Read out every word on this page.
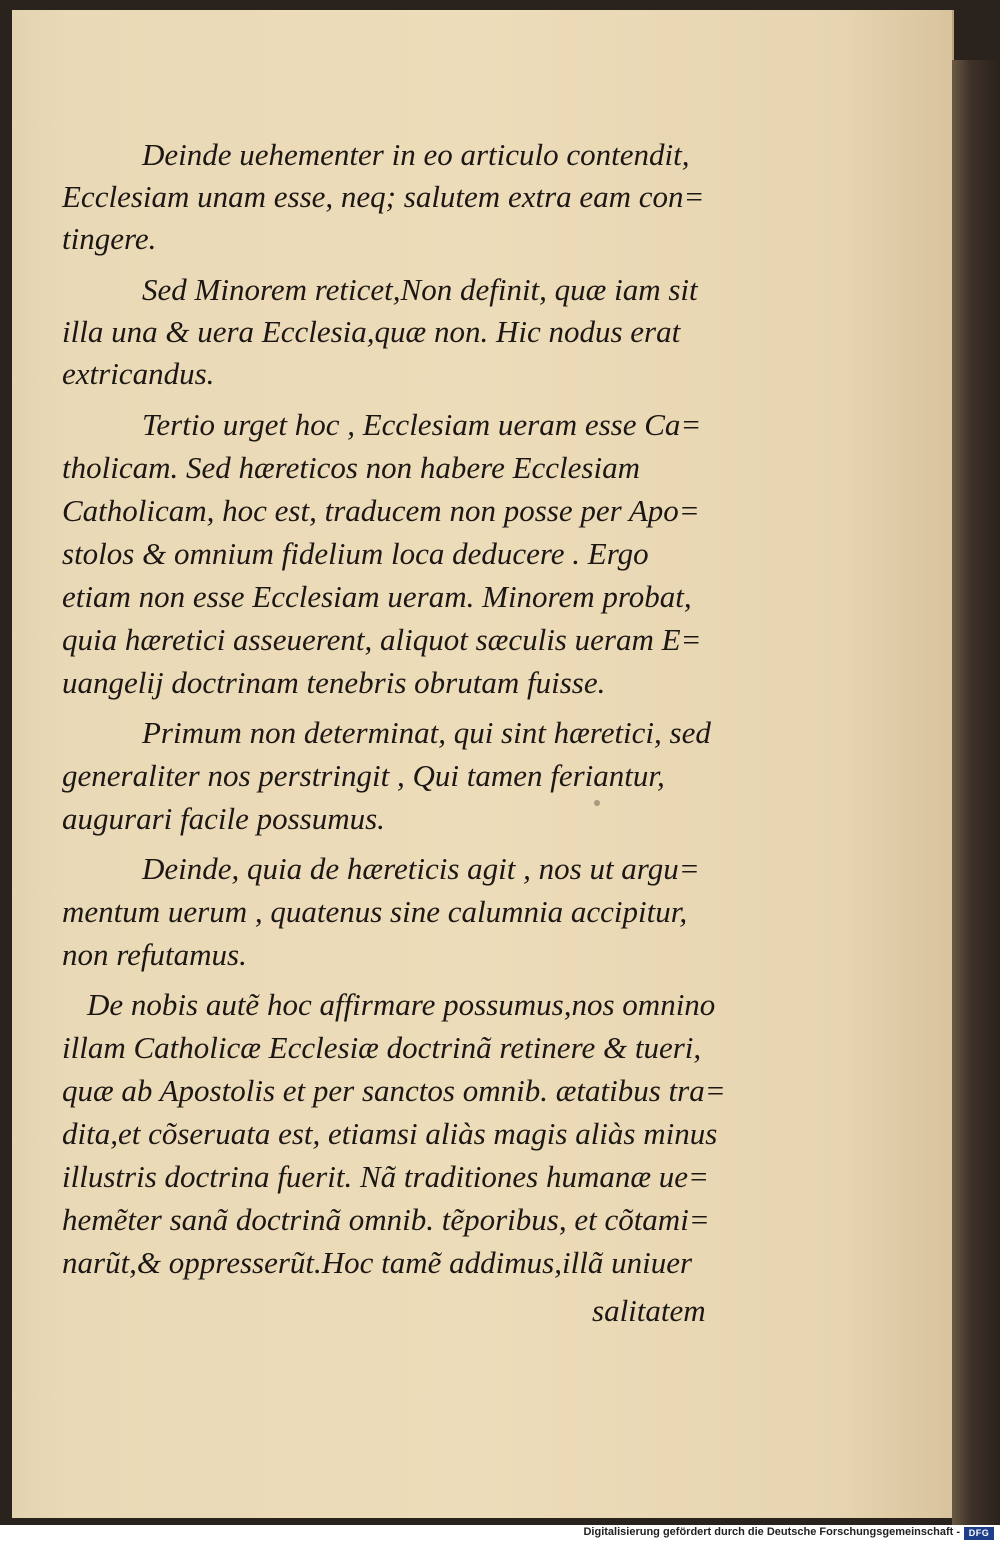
Deinde uehementer in eo articulo contendit,
Ecclesiam unam esse, neq; salutem extra eam con=
tingere.
Sed Minorem reticet,Non definit, quæ iam sit
illa una & uera Ecclesia,quæ non. Hic nodus erat
extricandus.
Tertio urget hoc , Ecclesiam ueram esse Ca=
tholicam. Sed hæreticos non habere Ecclesiam
Catholicam, hoc est, traducem non posse per Apo=
stolos & omnium fidelium loca deducere . Ergo
etiam non esse Ecclesiam ueram. Minorem probat,
quia hæretici asseuerent, aliquot sæculis ueram E=
uangelij doctrinam tenebris obrutam fuisse.
Primum non determinat, qui sint hæretici, sed
generaliter nos perstringit , Qui tamen feriantur,
augurari facile possumus.
Deinde, quia de hæreticis agit , nos ut argu=
mentum uerum , quatenus sine calumnia accipitur,
non refutamus.
De nobis autẽ hoc affirmare possumus,nos omnino
illam Catholicæ Ecclesiæ doctrinã retinere & tueri,
quæ ab Apostolis et per sanctos omnib. ætatibus tra=
dita,et cõseruata est, etiamsi aliàs magis aliàs minus
illustris doctrina fuerit. Nã traditiones humanæ ue=
hemẽter sanã doctrinã omnib. tẽporibus, et cõtami=
narũt,& oppresserũt.Hoc tamẽ addimus,illã uniuer
salitatem
Digitalisierung gefördert durch die Deutsche Forschungsgemeinschaft - DFG
